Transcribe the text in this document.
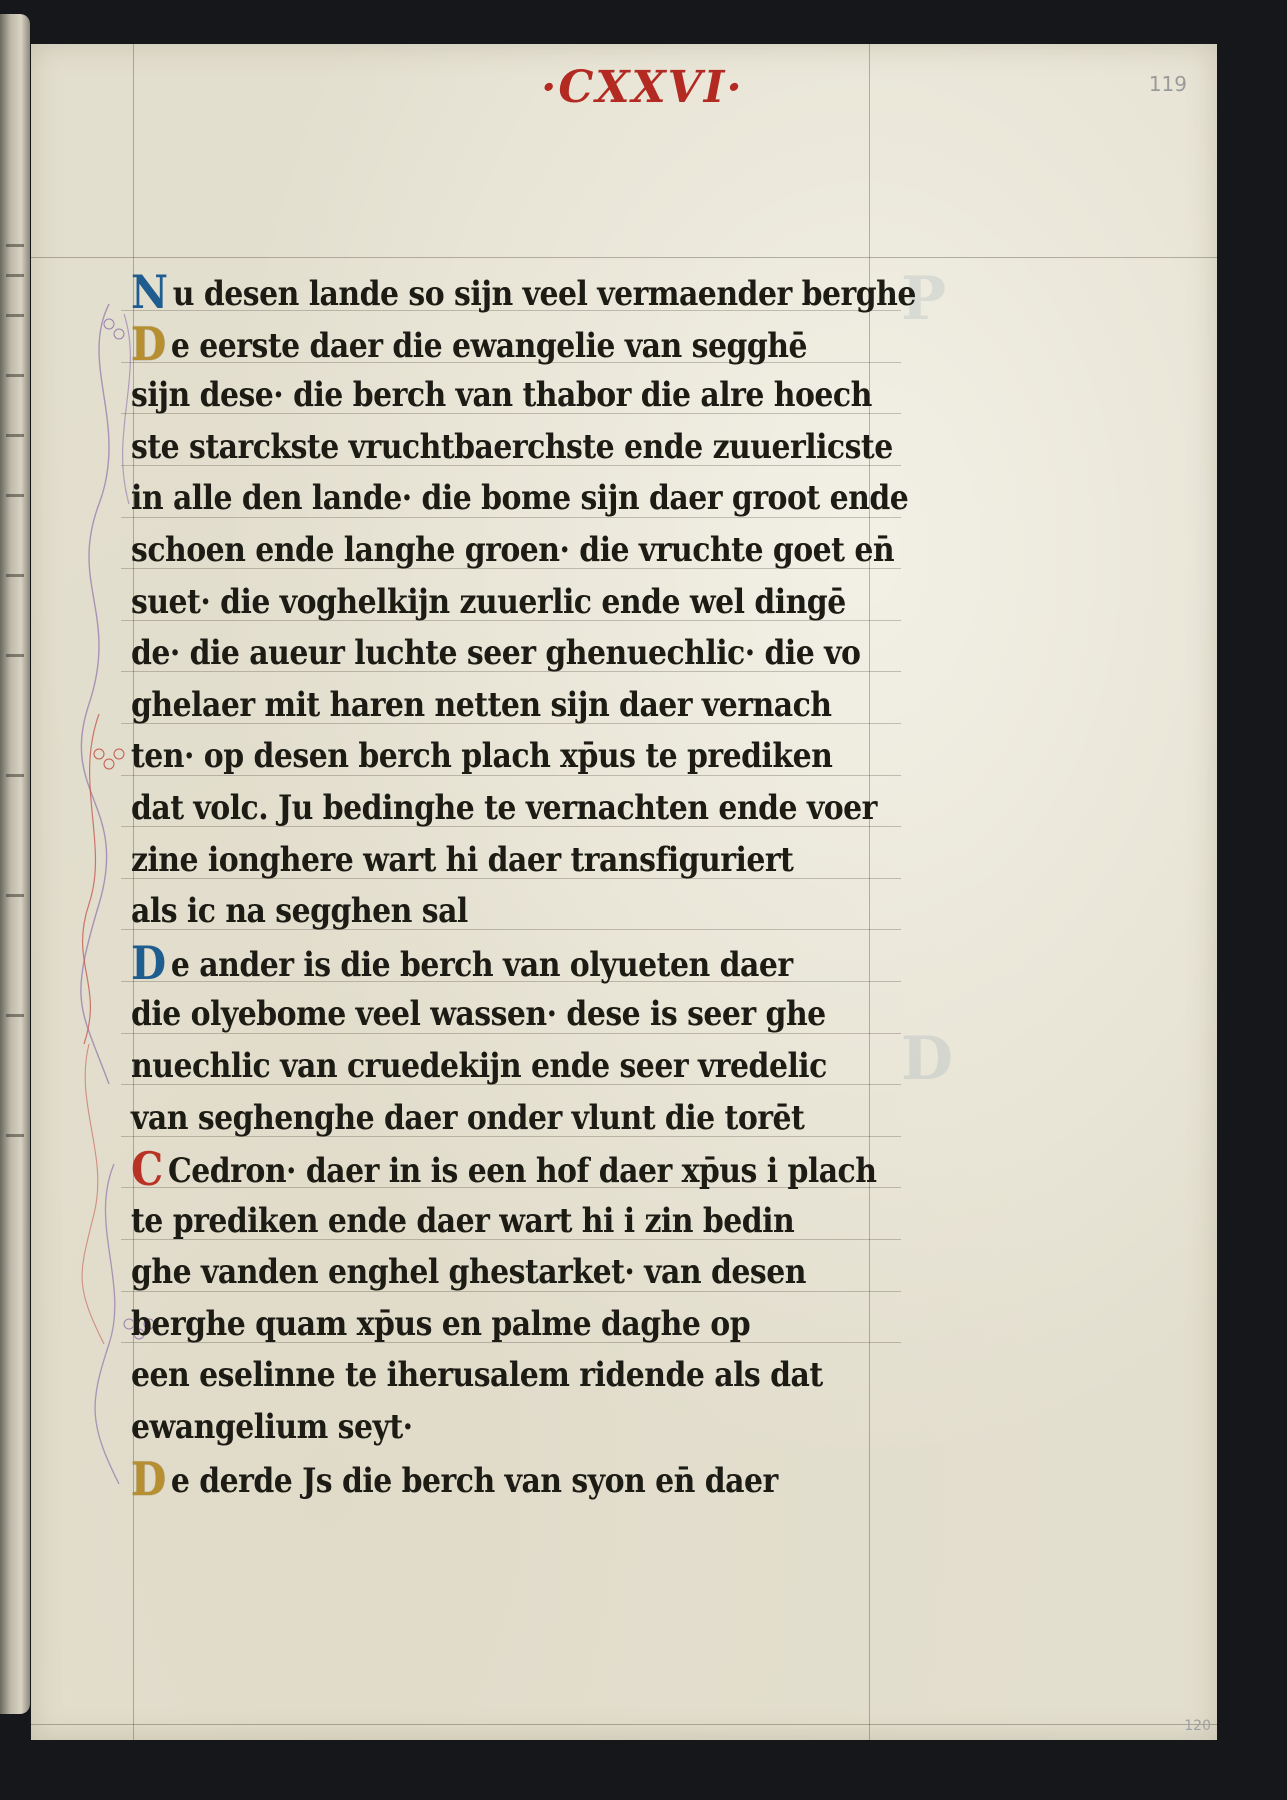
P
D
·CXXVI·	119
120
N u desen lande so sijn veel vermaender berghe
D e eerste daer die ewangelie van segghē
sijn dese· die berch van thabor die alre hoech
ste starckste vruchtbaerchste ende zuuerlicste
in alle den lande· die bome sijn daer groot ende
schoen ende langhe groen· die vruchte goet en̄
suet· die voghelkijn zuuerlic ende wel dingē
de· die aueur luchte seer ghenuechlic· die vo
ghelaer mit haren netten sijn daer vernach
ten· op desen berch plach xp̄us te prediken
dat volc. Ju bedinghe te vernachten ende voer
zine ionghere wart hi daer transfiguriert
als ic na segghen sal
D e ander is die berch van olyueten daer
die olyebome veel wassen· dese is seer ghe
nuechlic van cruedekijn ende seer vredelic
van seghenghe daer onder vlunt die torēt
C Cedron· daer in is een hof daer xp̄us i plach
te prediken ende daer wart hi i zin bedin
ghe vanden enghel ghestarket· van desen
berghe quam xp̄us en palme daghe op
een eselinne te iherusalem ridende als dat
ewangelium seyt·
D e derde Js die berch van syon en̄ daer
